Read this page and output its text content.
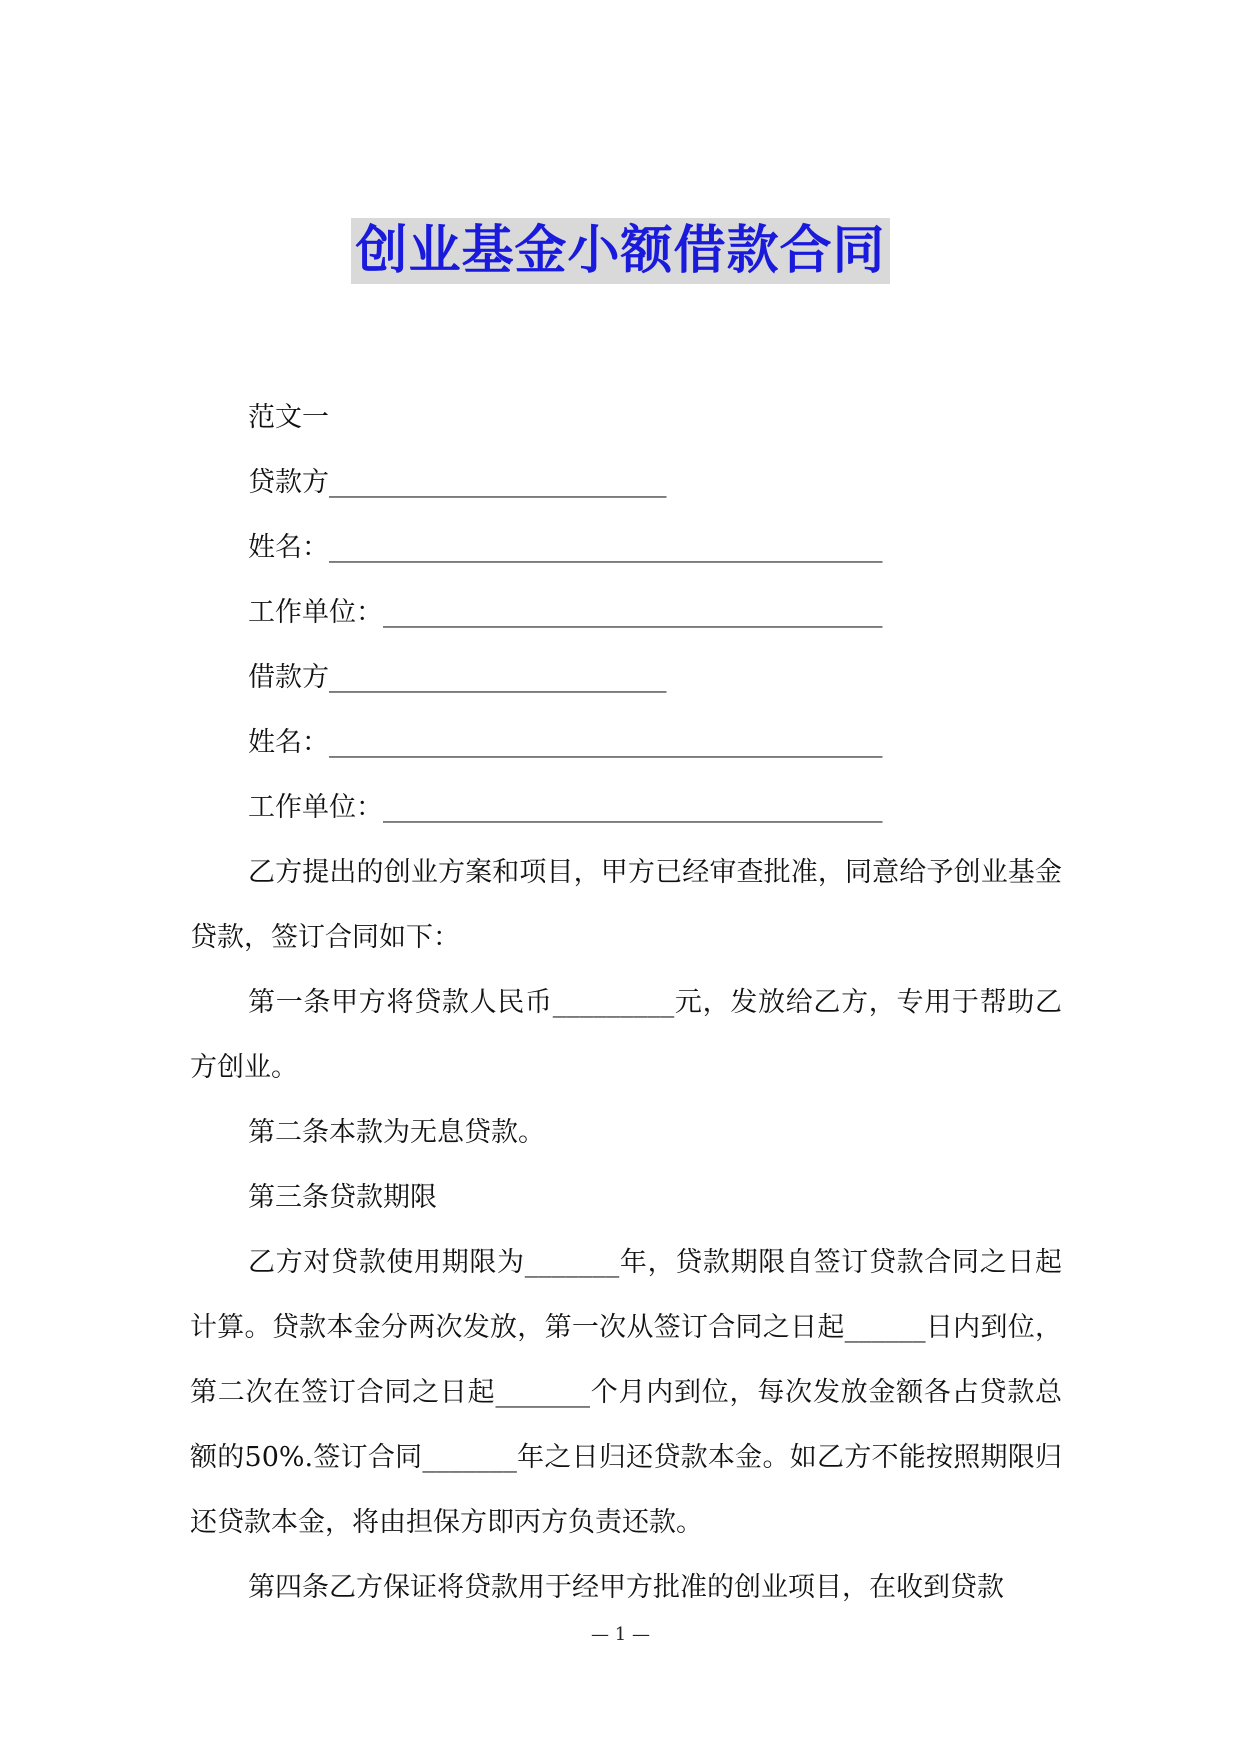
创业基金小额借款合同

范文一

贷款方_________________________

姓名：_________________________________________

工作单位：_____________________________________

借款方_________________________

姓名：_________________________________________

工作单位：_____________________________________

乙方提出的创业方案和项目，甲方已经审查批准，同意给予创业基金贷款，签订合同如下：

第一条甲方将贷款人民币_________元，发放给乙方，专用于帮助乙方创业。

第二条本款为无息贷款。

第三条贷款期限

乙方对贷款使用期限为_______年，贷款期限自签订贷款合同之日起计算。贷款本金分两次发放，第一次从签订合同之日起______日内到位，第二次在签订合同之日起_______个月内到位，每次发放金额各占贷款总额的50%.签订合同_______年之日归还贷款本金。如乙方不能按照期限归还贷款本金，将由担保方即丙方负责还款。

第四条乙方保证将贷款用于经甲方批准的创业项目，在收到贷款

— 1 —
